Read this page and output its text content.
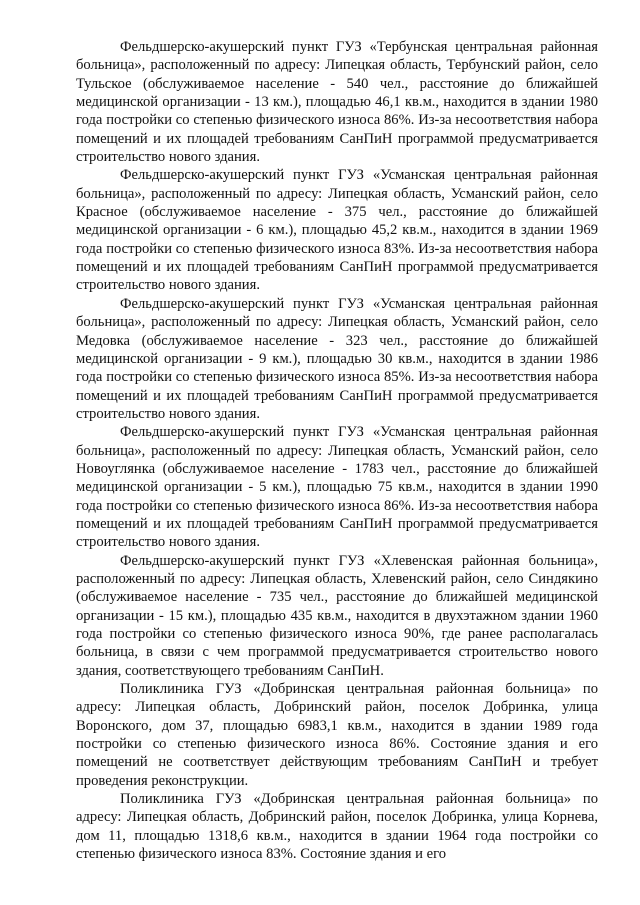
Фельдшерско-акушерский пункт ГУЗ «Тербунская центральная районная больница», расположенный по адресу: Липецкая область, Тербунский район, село Тульское (обслуживаемое население - 540 чел., расстояние до ближайшей медицинской организации - 13 км.), площадью 46,1 кв.м., находится в здании 1980 года постройки со степенью физического износа 86%. Из-за несоответствия набора помещений и их площадей требованиям СанПиН программой предусматривается строительство нового здания.

Фельдшерско-акушерский пункт ГУЗ «Усманская центральная районная больница», расположенный по адресу: Липецкая область, Усманский район, село Красное (обслуживаемое население - 375 чел., расстояние до ближайшей медицинской организации - 6 км.), площадью 45,2 кв.м., находится в здании 1969 года постройки со степенью физического износа 83%. Из-за несоответствия набора помещений и их площадей требованиям СанПиН программой предусматривается строительство нового здания.

Фельдшерско-акушерский пункт ГУЗ «Усманская центральная районная больница», расположенный по адресу: Липецкая область, Усманский район, село Медовка (обслуживаемое население - 323 чел., расстояние до ближайшей медицинской организации - 9 км.), площадью 30 кв.м., находится в здании 1986 года постройки со степенью физического износа 85%. Из-за несоответствия набора помещений и их площадей требованиям СанПиН программой предусматривается строительство нового здания.

Фельдшерско-акушерский пункт ГУЗ «Усманская центральная районная больница», расположенный по адресу: Липецкая область, Усманский район, село Новоуглянка (обслуживаемое население - 1783 чел., расстояние до ближайшей медицинской организации - 5 км.), площадью 75 кв.м., находится в здании 1990 года постройки со степенью физического износа 86%. Из-за несоответствия набора помещений и их площадей требованиям СанПиН программой предусматривается строительство нового здания.

Фельдшерско-акушерский пункт ГУЗ «Хлевенская районная больница», расположенный по адресу: Липецкая область, Хлевенский район, село Синдякино (обслуживаемое население - 735 чел., расстояние до ближайшей медицинской организации - 15 км.), площадью 435 кв.м., находится в двухэтажном здании 1960 года постройки со степенью физического износа 90%, где ранее располагалась больница, в связи с чем программой предусматривается строительство нового здания, соответствующего требованиям СанПиН.

Поликлиника ГУЗ «Добринская центральная районная больница» по адресу: Липецкая область, Добринский район, поселок Добринка, улица Воронского, дом 37, площадью 6983,1 кв.м., находится в здании 1989 года постройки со степенью физического износа 86%. Состояние здания и его помещений не соответствует действующим требованиям СанПиН и требует проведения реконструкции.

Поликлиника ГУЗ «Добринская центральная районная больница» по адресу: Липецкая область, Добринский район, поселок Добринка, улица Корнева, дом 11, площадью 1318,6 кв.м., находится в здании 1964 года постройки со степенью физического износа 83%. Состояние здания и его
